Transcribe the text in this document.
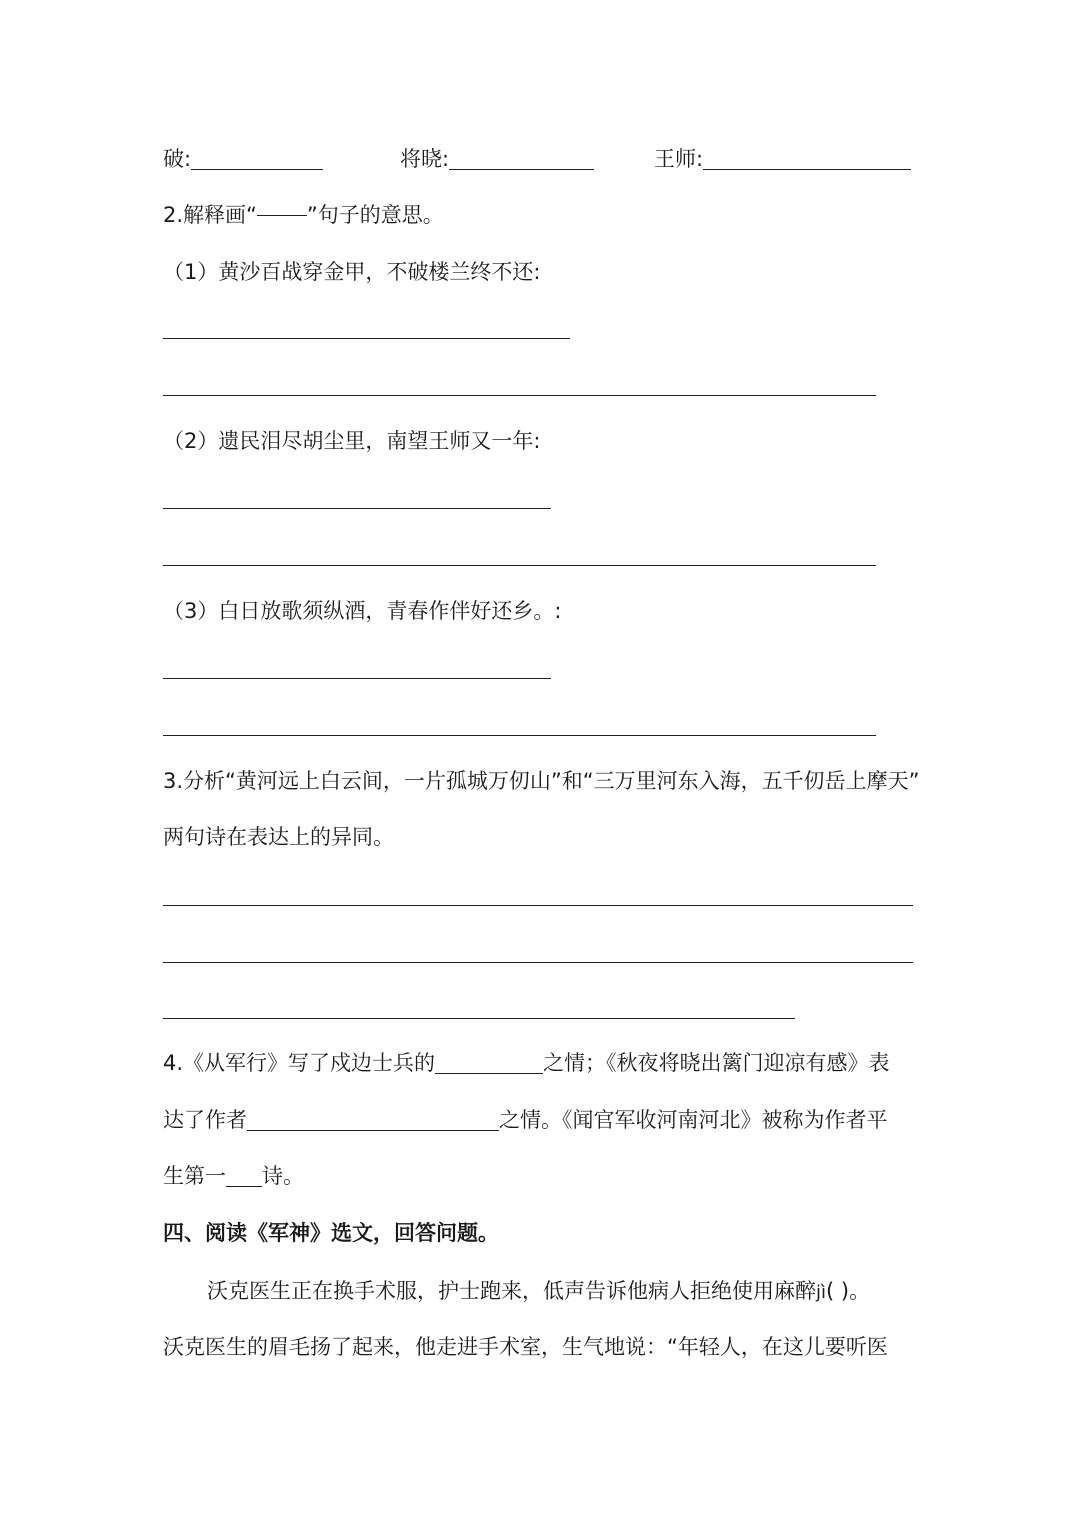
破:	将晓:	王师:
2.解释画“ ”句子的意思。
（1）黄沙百战穿金甲，不破楼兰终不还:
（2）遗民泪尽胡尘里，南望王师又一年:
（3）白日放歌须纵酒，青春作伴好还乡。:
3.分析“黄河远上白云间，一片孤城万仞山”和“三万里河东入海，五千仞岳上摩天”
两句诗在表达上的异同。
4.《从军行》写了戍边士兵的	之情；《秋夜将晓出篱门迎凉有感》表
达了作者	之情。《闻官军收河南河北》被称为作者平
生第一 诗。
四、阅读《军神》选文，回答问题。
沃克医生正在换手术服，护士跑来，低声告诉他病人拒绝使用麻醉jì( )。
沃克医生的眉毛扬了起来，他走进手术室，生气地说：“年轻人，在这儿要听医
